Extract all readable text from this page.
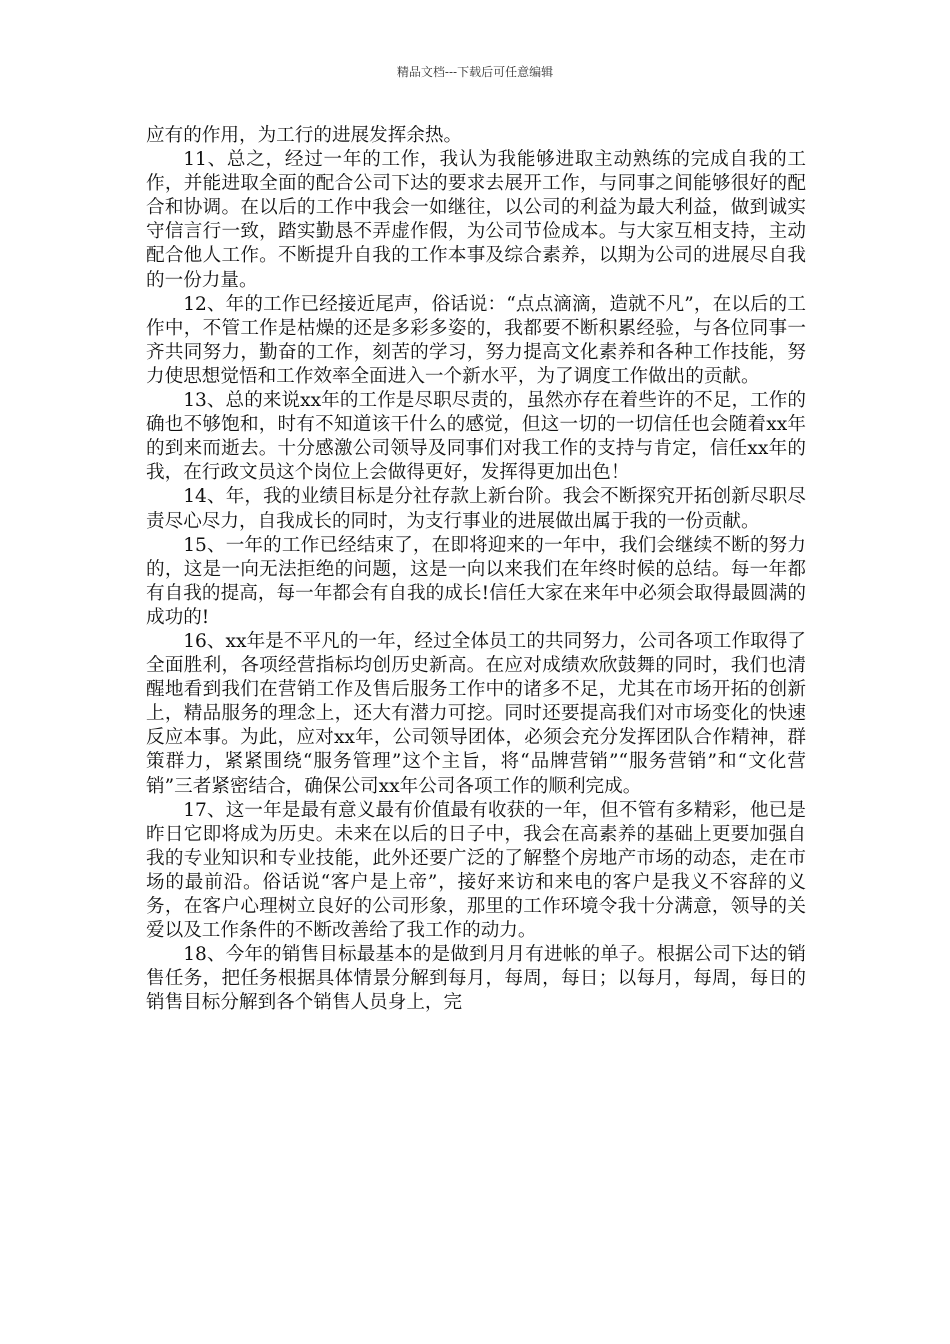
精品文档---下载后可任意编辑

应有的作用，为工行的进展发挥余热。

11、总之，经过一年的工作，我认为我能够进取主动熟练的完成自我的工作，并能进取全面的配合公司下达的要求去展开工作，与同事之间能够很好的配合和协调。在以后的工作中我会一如继往，以公司的利益为最大利益，做到诚实守信言行一致，踏实勤恳不弄虚作假，为公司节俭成本。与大家互相支持，主动配合他人工作。不断提升自我的工作本事及综合素养，以期为公司的进展尽自我的一份力量。

12、年的工作已经接近尾声，俗话说：“点点滴滴，造就不凡”，在以后的工作中，不管工作是枯燥的还是多彩多姿的，我都要不断积累经验，与各位同事一齐共同努力，勤奋的工作，刻苦的学习，努力提高文化素养和各种工作技能，努力使思想觉悟和工作效率全面进入一个新水平，为了调度工作做出的贡献。

13、总的来说xx年的工作是尽职尽责的，虽然亦存在着些许的不足，工作的确也不够饱和，时有不知道该干什么的感觉，但这一切的一切信任也会随着xx年的到来而逝去。十分感激公司领导及同事们对我工作的支持与肯定，信任xx年的我，在行政文员这个岗位上会做得更好，发挥得更加出色！

14、年，我的业绩目标是分社存款上新台阶。我会不断探究开拓创新尽职尽责尽心尽力，自我成长的同时，为支行事业的进展做出属于我的一份贡献。

15、一年的工作已经结束了，在即将迎来的一年中，我们会继续不断的努力的，这是一向无法拒绝的问题，这是一向以来我们在年终时候的总结。每一年都有自我的提高，每一年都会有自我的成长!信任大家在来年中必须会取得最圆满的成功的!

16、xx年是不平凡的一年，经过全体员工的共同努力，公司各项工作取得了全面胜利，各项经营指标均创历史新高。在应对成绩欢欣鼓舞的同时，我们也清醒地看到我们在营销工作及售后服务工作中的诸多不足，尤其在市场开拓的创新上，精品服务的理念上，还大有潜力可挖。同时还要提高我们对市场变化的快速反应本事。为此，应对xx年，公司领导团体，必须会充分发挥团队合作精神，群策群力，紧紧围绕“服务管理”这个主旨，将“品牌营销”“服务营销”和“文化营销”三者紧密结合，确保公司xx年公司各项工作的顺利完成。

17、这一年是最有意义最有价值最有收获的一年，但不管有多精彩，他已是昨日它即将成为历史。未来在以后的日子中，我会在高素养的基础上更要加强自我的专业知识和专业技能，此外还要广泛的了解整个房地产市场的动态，走在市场的最前沿。俗话说“客户是上帝”，接好来访和来电的客户是我义不容辞的义务，在客户心理树立良好的公司形象，那里的工作环境令我十分满意，领导的关爱以及工作条件的不断改善给了我工作的动力。

18、今年的销售目标最基本的是做到月月有进帐的单子。根据公司下达的销售任务，把任务根据具体情景分解到每月，每周，每日；以每月，每周，每日的销售目标分解到各个销售人员身上，完
